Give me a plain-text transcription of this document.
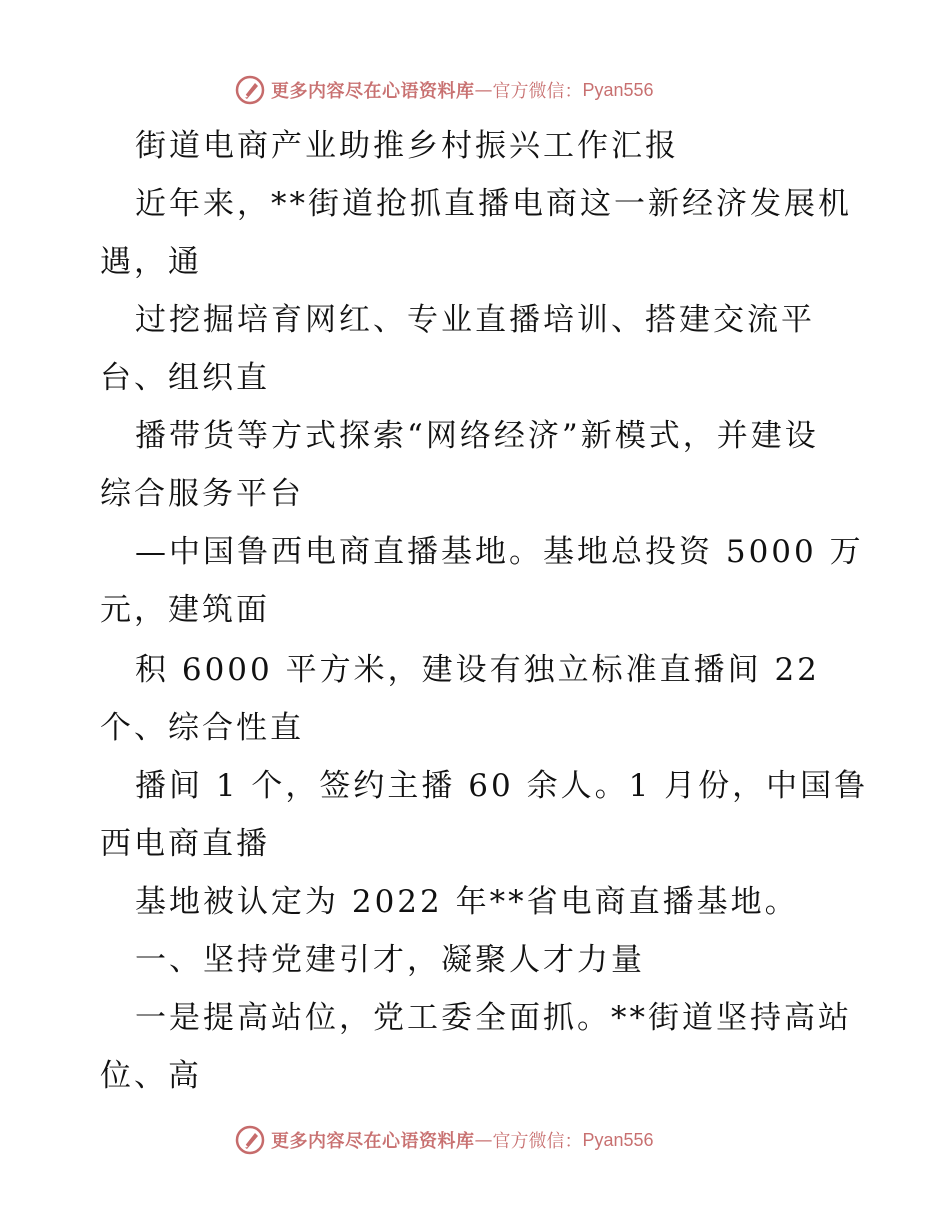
更多内容尽在心语资料库 — 官方微信： Pyan556
街道电商产业助推乡村振兴工作汇报
近年来，**街道抢抓直播电商这一新经济发展机
遇，通
过挖掘培育网红、专业直播培训、搭建交流平
台、组织直
播带货等方式探索“网络经济”新模式，并建设
综合服务平台
—中国鲁西电商直播基地。基地总投资 5000 万
元，建筑面
积 6000 平方米，建设有独立标准直播间 22
个、综合性直
播间 1 个，签约主播 60 余人。1 月份，中国鲁
西电商直播
基地被认定为 2022 年**省电商直播基地。
一、坚持党建引才，凝聚人才力量
一是提高站位，党工委全面抓。**街道坚持高站
位、高
更多内容尽在心语资料库 — 官方微信： Pyan556
